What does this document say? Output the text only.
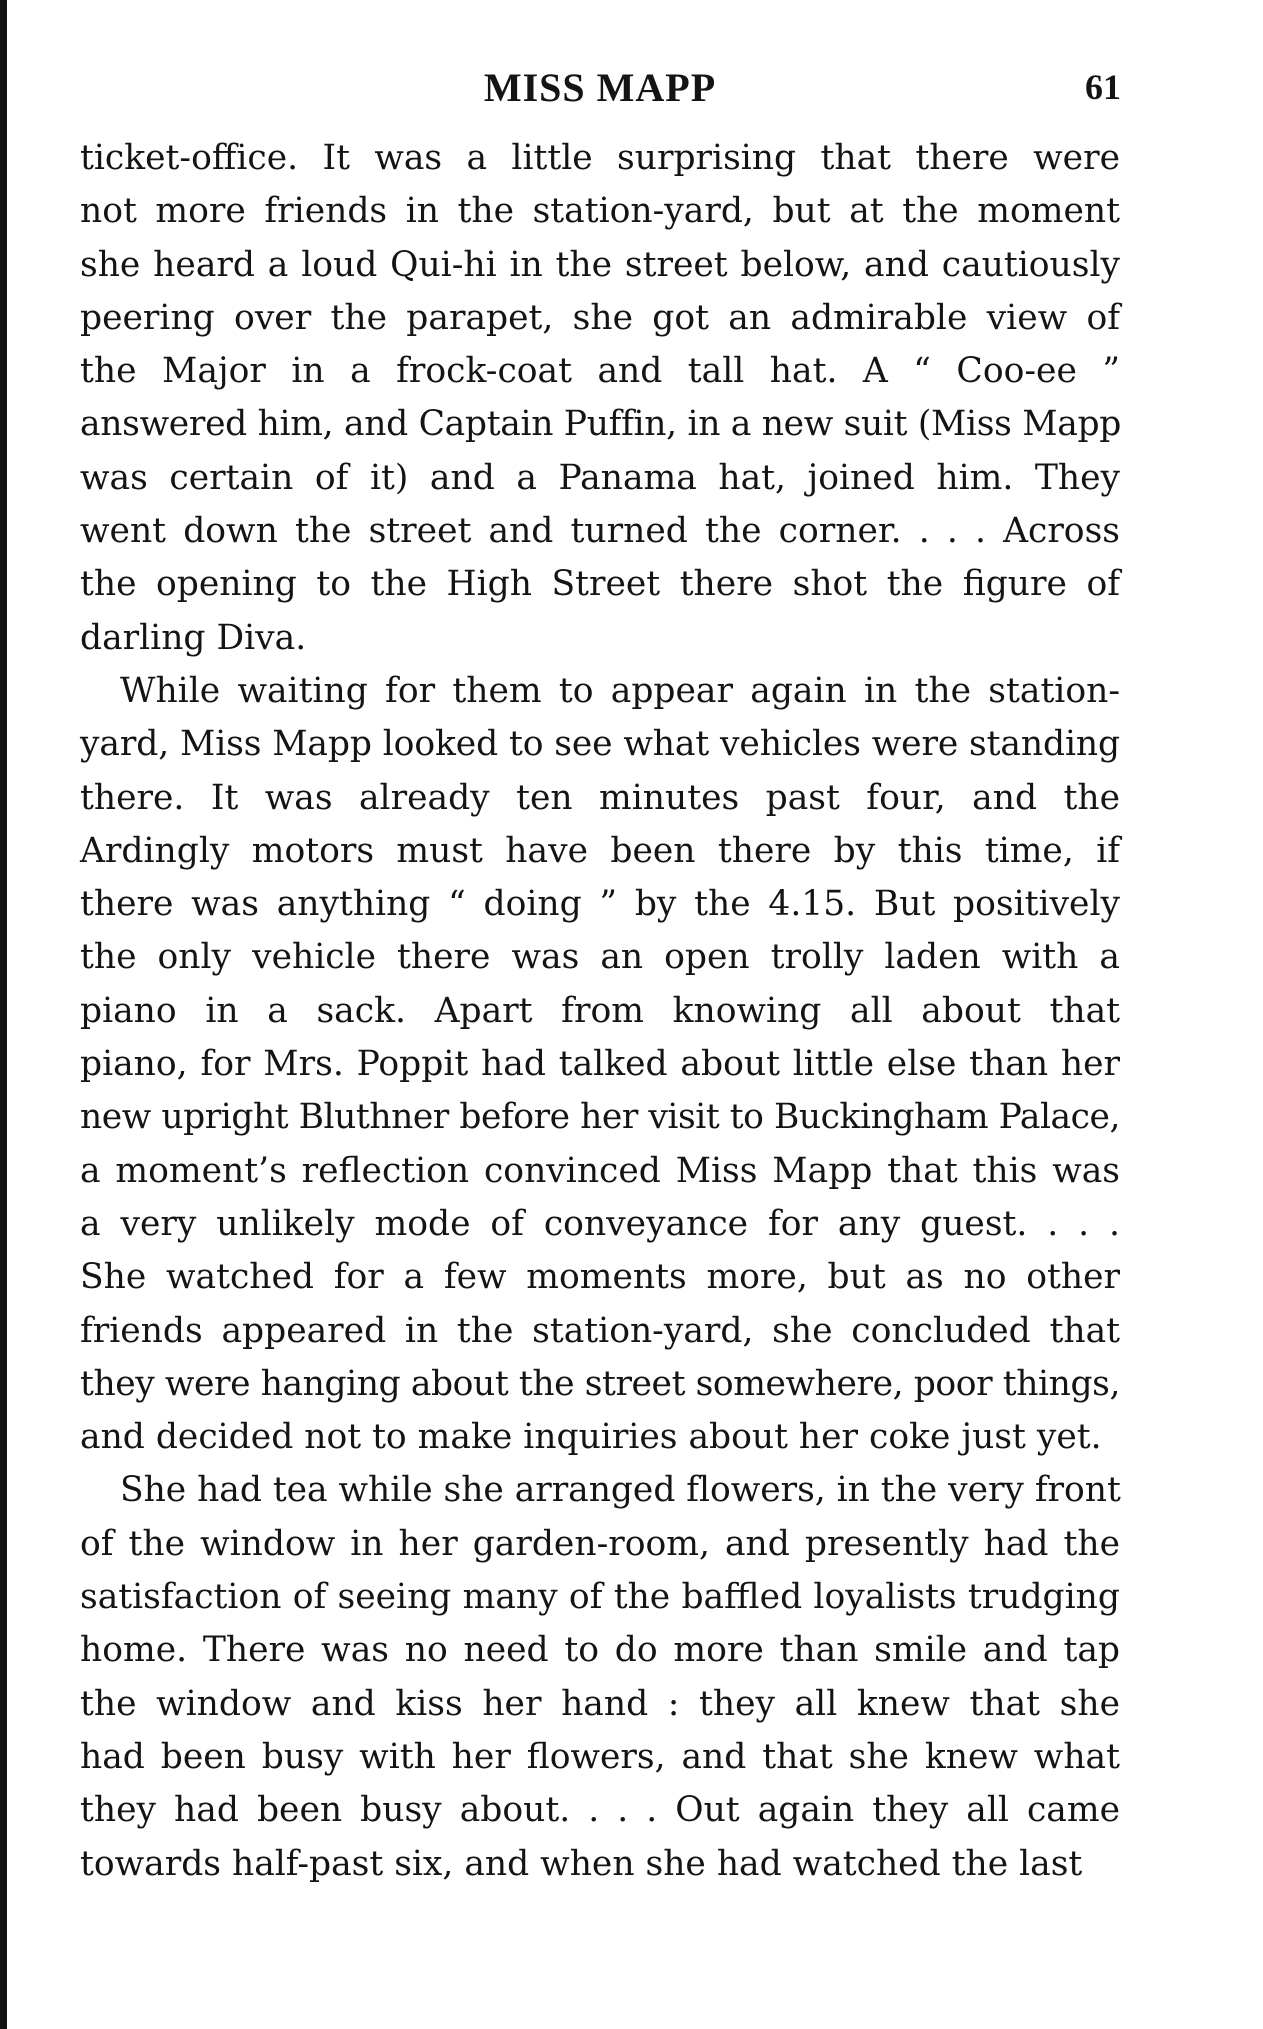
MISS MAPP	61

ticket-office. It was a little surprising that there were
not more friends in the station-yard, but at the moment
she heard a loud Qui-hi in the street below, and cautiously
peering over the parapet, she got an admirable view of
the Major in a frock-coat and tall hat. A “ Coo-ee ”
answered him, and Captain Puffin, in a new suit (Miss Mapp
was certain of it) and a Panama hat, joined him. They
went down the street and turned the corner. . . . Across
the opening to the High Street there shot the figure of
darling Diva.

While waiting for them to appear again in the station-
yard, Miss Mapp looked to see what vehicles were standing
there. It was already ten minutes past four, and the
Ardingly motors must have been there by this time, if
there was anything “ doing ” by the 4.15. But positively
the only vehicle there was an open trolly laden with a
piano in a sack. Apart from knowing all about that
piano, for Mrs. Poppit had talked about little else than her
new upright Bluthner before her visit to Buckingham Palace,
a moment’s reflection convinced Miss Mapp that this was
a very unlikely mode of conveyance for any guest. . . .
She watched for a few moments more, but as no other
friends appeared in the station-yard, she concluded that
they were hanging about the street somewhere, poor things,
and decided not to make inquiries about her coke just yet.

She had tea while she arranged flowers, in the very front
of the window in her garden-room, and presently had the
satisfaction of seeing many of the baffled loyalists trudging
home. There was no need to do more than smile and tap
the window and kiss her hand : they all knew that she
had been busy with her flowers, and that she knew what
they had been busy about. . . . Out again they all came
towards half-past six, and when she had watched the last
